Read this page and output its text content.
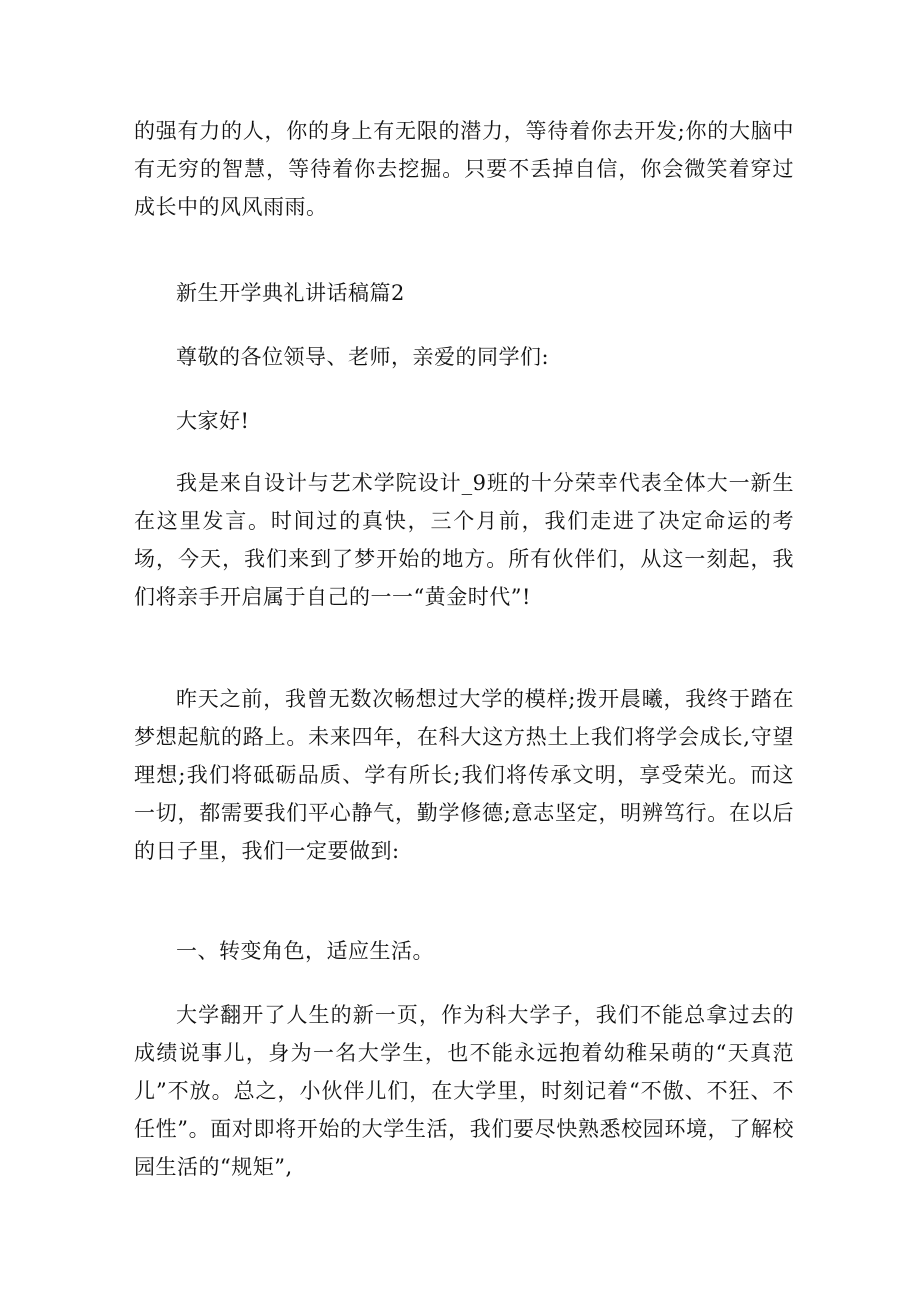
的强有力的人，你的身上有无限的潜力，等待着你去开发;你的大脑中有无穷的智慧，等待着你去挖掘。只要不丢掉自信，你会微笑着穿过成长中的风风雨雨。

新生开学典礼讲话稿篇2

尊敬的各位领导、老师，亲爱的同学们:

大家好!

我是来自设计与艺术学院设计_9班的十分荣幸代表全体大一新生在这里发言。时间过的真快，三个月前，我们走进了决定命运的考场，今天，我们来到了梦开始的地方。所有伙伴们，从这一刻起，我们将亲手开启属于自己的一一“黄金时代”!

昨天之前，我曾无数次畅想过大学的模样;拨开晨曦，我终于踏在梦想起航的路上。未来四年，在科大这方热土上我们将学会成长,守望理想;我们将砥砺品质、学有所长;我们将传承文明，享受荣光。而这一切，都需要我们平心静气，勤学修德;意志坚定，明辨笃行。在以后的日子里，我们一定要做到:

一、转变角色，适应生活。

大学翻开了人生的新一页，作为科大学子，我们不能总拿过去的成绩说事儿，身为一名大学生，也不能永远抱着幼稚呆萌的“天真范儿”不放。总之，小伙伴儿们，在大学里，时刻记着“不傲、不狂、不任性”。面对即将开始的大学生活，我们要尽快熟悉校园环境，了解校园生活的“规矩”,
